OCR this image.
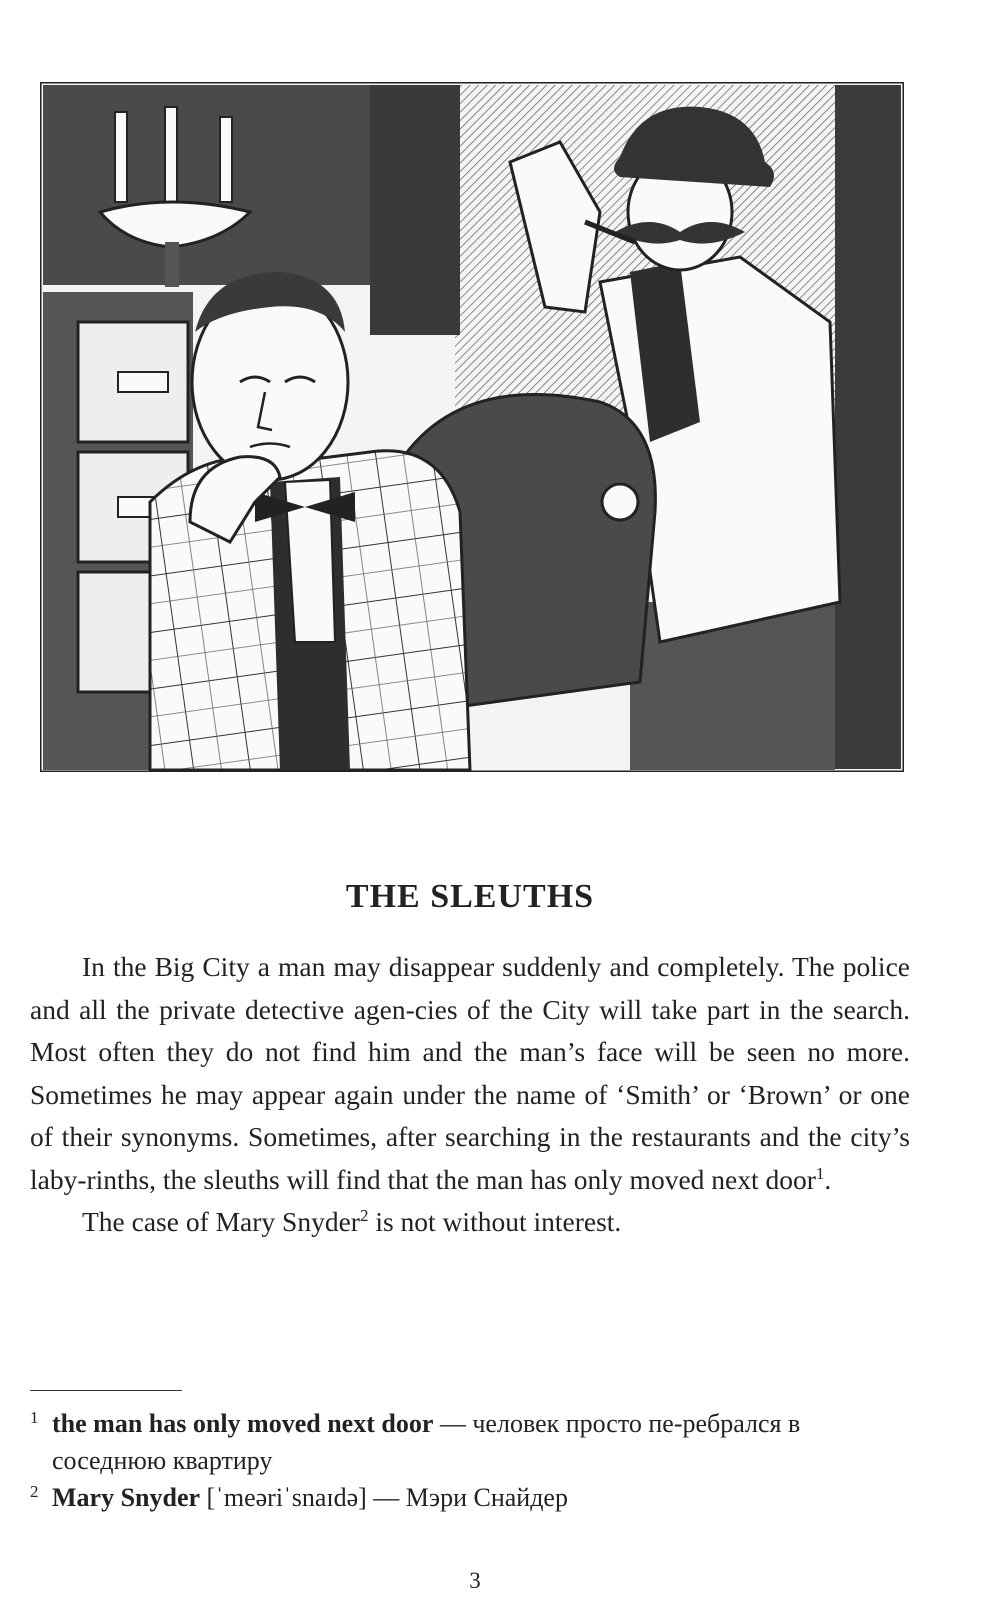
THE SLEUTHS

In the Big City a man may disappear suddenly and completely. The police and all the private detective agen-cies of the City will take part in the search. Most often they do not find him and the man’s face will be seen no more. Sometimes he may appear again under the name of ‘Smith’ or ‘Brown’ or one of their synonyms. Sometimes, after searching in the restaurants and the city’s laby-rinths, the sleuths will find that the man has only moved next door$^1$.

The case of Mary Snyder$^2$ is not without interest.

1 the man has only moved next door — человек просто пе-ребрался в соседнюю квартиру
2 Mary Snyder [ˈmeəriˈsnaɪdə] — Мэри Снайдер
3
